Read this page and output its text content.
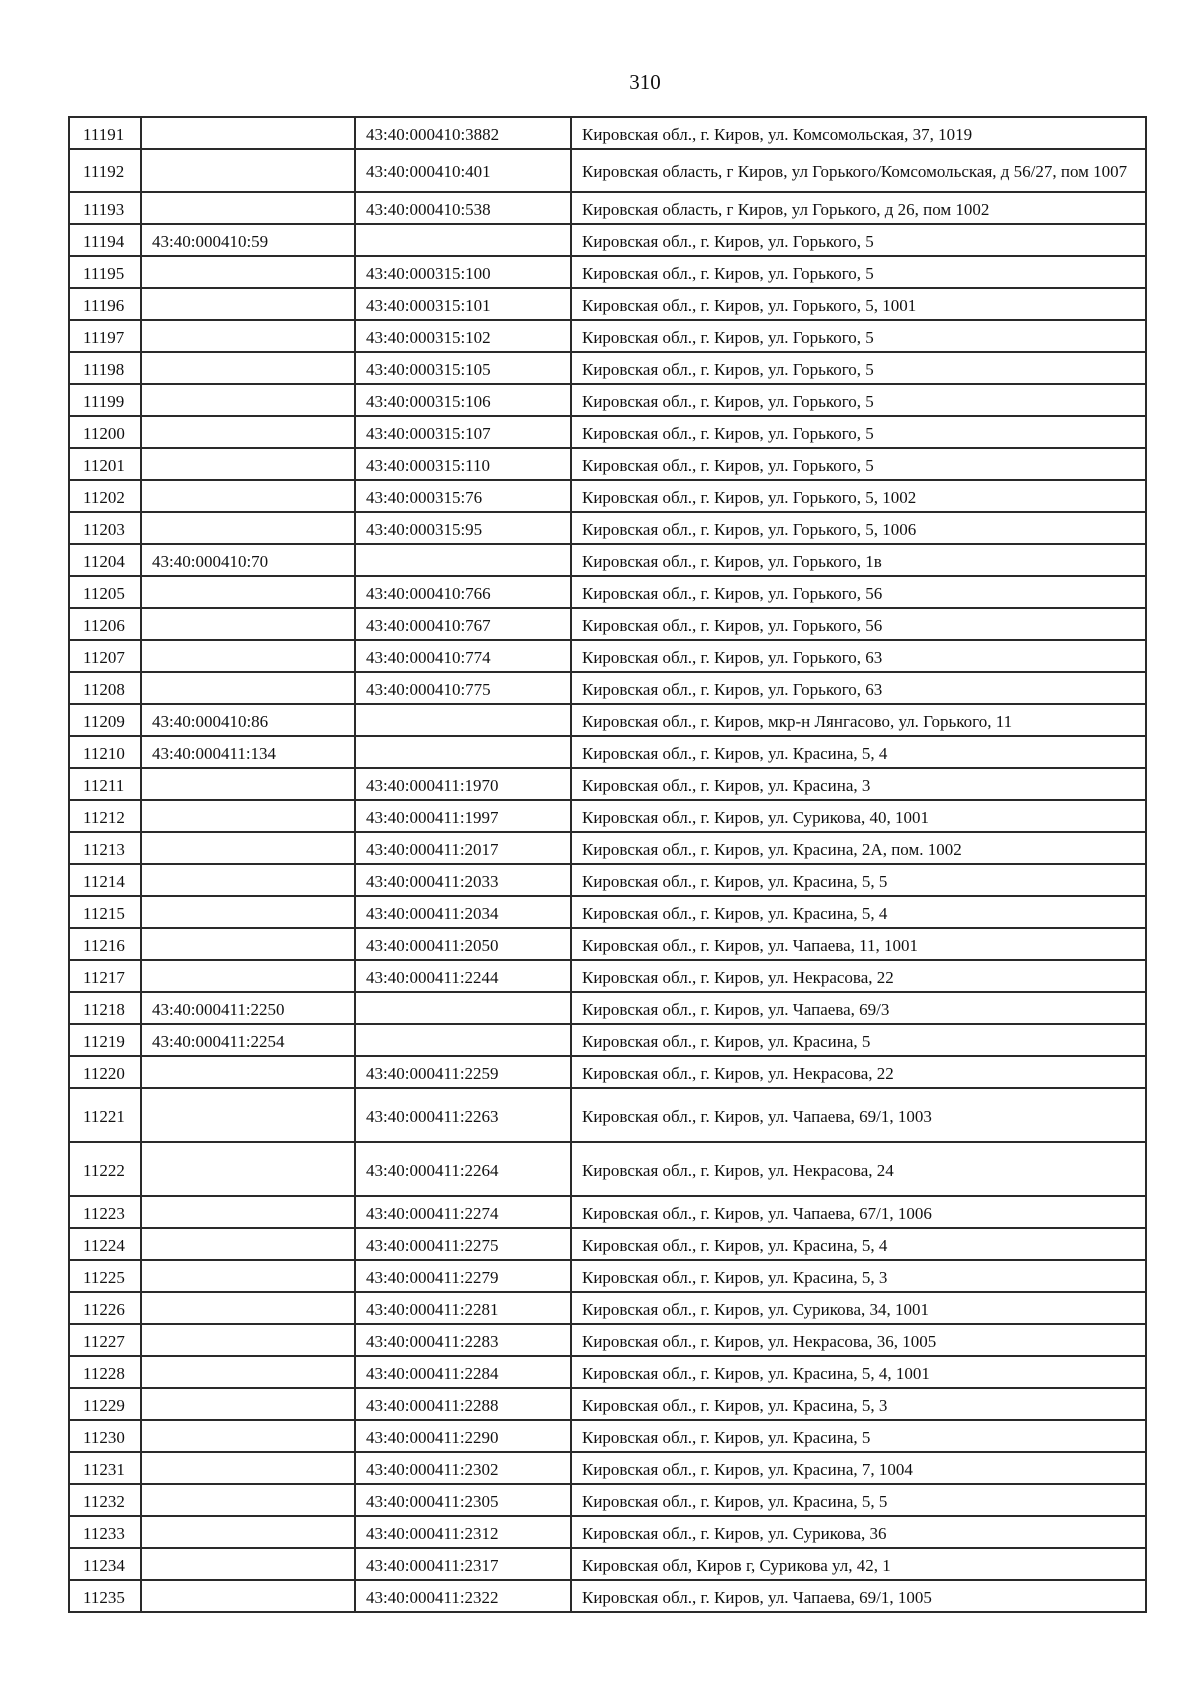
310
11191		43:40:000410:3882	Кировская обл., г. Киров, ул. Комсомольская, 37, 1019
11192		43:40:000410:401	Кировская область, г Киров, ул Горького/Комсомольская, д 56/27, пом 1007
11193		43:40:000410:538	Кировская область, г Киров, ул Горького, д 26, пом 1002
11194	43:40:000410:59		Кировская обл., г. Киров, ул. Горького, 5
11195		43:40:000315:100	Кировская обл., г. Киров, ул. Горького, 5
11196		43:40:000315:101	Кировская обл., г. Киров, ул. Горького, 5, 1001
11197		43:40:000315:102	Кировская обл., г. Киров, ул. Горького, 5
11198		43:40:000315:105	Кировская обл., г. Киров, ул. Горького, 5
11199		43:40:000315:106	Кировская обл., г. Киров, ул. Горького, 5
11200		43:40:000315:107	Кировская обл., г. Киров, ул. Горького, 5
11201		43:40:000315:110	Кировская обл., г. Киров, ул. Горького, 5
11202		43:40:000315:76	Кировская обл., г. Киров, ул. Горького, 5, 1002
11203		43:40:000315:95	Кировская обл., г. Киров, ул. Горького, 5, 1006
11204	43:40:000410:70		Кировская обл., г. Киров, ул. Горького, 1в
11205		43:40:000410:766	Кировская обл., г. Киров, ул. Горького, 56
11206		43:40:000410:767	Кировская обл., г. Киров, ул. Горького, 56
11207		43:40:000410:774	Кировская обл., г. Киров, ул. Горького, 63
11208		43:40:000410:775	Кировская обл., г. Киров, ул. Горького, 63
11209	43:40:000410:86		Кировская обл., г. Киров, мкр-н Лянгасово, ул. Горького, 11
11210	43:40:000411:134		Кировская обл., г. Киров, ул. Красина, 5, 4
11211		43:40:000411:1970	Кировская обл., г. Киров, ул. Красина, 3
11212		43:40:000411:1997	Кировская обл., г. Киров, ул. Сурикова, 40, 1001
11213		43:40:000411:2017	Кировская обл., г. Киров, ул. Красина, 2А, пом. 1002
11214		43:40:000411:2033	Кировская обл., г. Киров, ул. Красина, 5, 5
11215		43:40:000411:2034	Кировская обл., г. Киров, ул. Красина, 5, 4
11216		43:40:000411:2050	Кировская обл., г. Киров, ул. Чапаева, 11, 1001
11217		43:40:000411:2244	Кировская обл., г. Киров, ул. Некрасова, 22
11218	43:40:000411:2250		Кировская обл., г. Киров, ул. Чапаева, 69/3
11219	43:40:000411:2254		Кировская обл., г. Киров, ул. Красина, 5
11220		43:40:000411:2259	Кировская обл., г. Киров, ул. Некрасова, 22
11221		43:40:000411:2263	Кировская обл., г. Киров, ул. Чапаева, 69/1, 1003
11222		43:40:000411:2264	Кировская обл., г. Киров, ул. Некрасова, 24
11223		43:40:000411:2274	Кировская обл., г. Киров, ул. Чапаева, 67/1, 1006
11224		43:40:000411:2275	Кировская обл., г. Киров, ул. Красина, 5, 4
11225		43:40:000411:2279	Кировская обл., г. Киров, ул. Красина, 5, 3
11226		43:40:000411:2281	Кировская обл., г. Киров, ул. Сурикова, 34, 1001
11227		43:40:000411:2283	Кировская обл., г. Киров, ул. Некрасова, 36, 1005
11228		43:40:000411:2284	Кировская обл., г. Киров, ул. Красина, 5, 4, 1001
11229		43:40:000411:2288	Кировская обл., г. Киров, ул. Красина, 5, 3
11230		43:40:000411:2290	Кировская обл., г. Киров, ул. Красина, 5
11231		43:40:000411:2302	Кировская обл., г. Киров, ул. Красина, 7, 1004
11232		43:40:000411:2305	Кировская обл., г. Киров, ул. Красина, 5, 5
11233		43:40:000411:2312	Кировская обл., г. Киров, ул. Сурикова, 36
11234		43:40:000411:2317	Кировская обл, Киров г, Сурикова ул, 42, 1
11235		43:40:000411:2322	Кировская обл., г. Киров, ул. Чапаева, 69/1, 1005
